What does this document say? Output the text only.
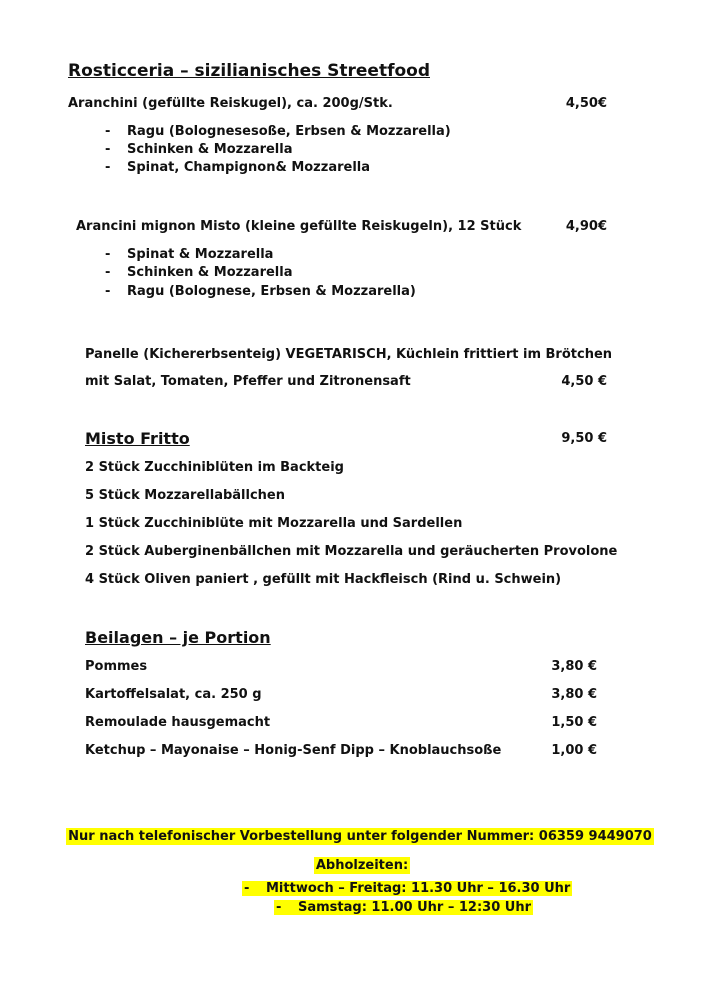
Rosticceria – sizilianisches Streetfood
Aranchini (gefüllte Reiskugel), ca. 200g/Stk.	4,50€
- Ragu (Bolognesesoße, Erbsen & Mozzarella)
- Schinken & Mozzarella
- Spinat, Champignon& Mozzarella
Arancini mignon Misto (kleine gefüllte Reiskugeln), 12 Stück	4,90€
- Spinat & Mozzarella
- Schinken & Mozzarella
- Ragu (Bolognese, Erbsen & Mozzarella)
Panelle (Kichererbsenteig) VEGETARISCH, Küchlein frittiert im Brötchen
mit Salat, Tomaten, Pfeffer und Zitronensaft	4,50 €
Misto Fritto	9,50 €
2 Stück Zucchiniblüten im Backteig
5 Stück Mozzarellabällchen
1 Stück Zucchiniblüte mit Mozzarella und Sardellen
2 Stück Auberginenbällchen mit Mozzarella und geräucherten Provolone
4 Stück Oliven paniert , gefüllt mit Hackfleisch (Rind u. Schwein)
Beilagen – je Portion
Pommes	3,80 €
Kartoffelsalat, ca. 250 g	3,80 €
Remoulade hausgemacht	1,50 €
Ketchup – Mayonaise – Honig-Senf Dipp – Knoblauchsoße	1,00 €
Nur nach telefonischer Vorbestellung unter folgender Nummer: 06359 9449070
Abholzeiten:
- Mittwoch – Freitag: 11.30 Uhr – 16.30 Uhr
- Samstag: 11.00 Uhr – 12:30 Uhr
